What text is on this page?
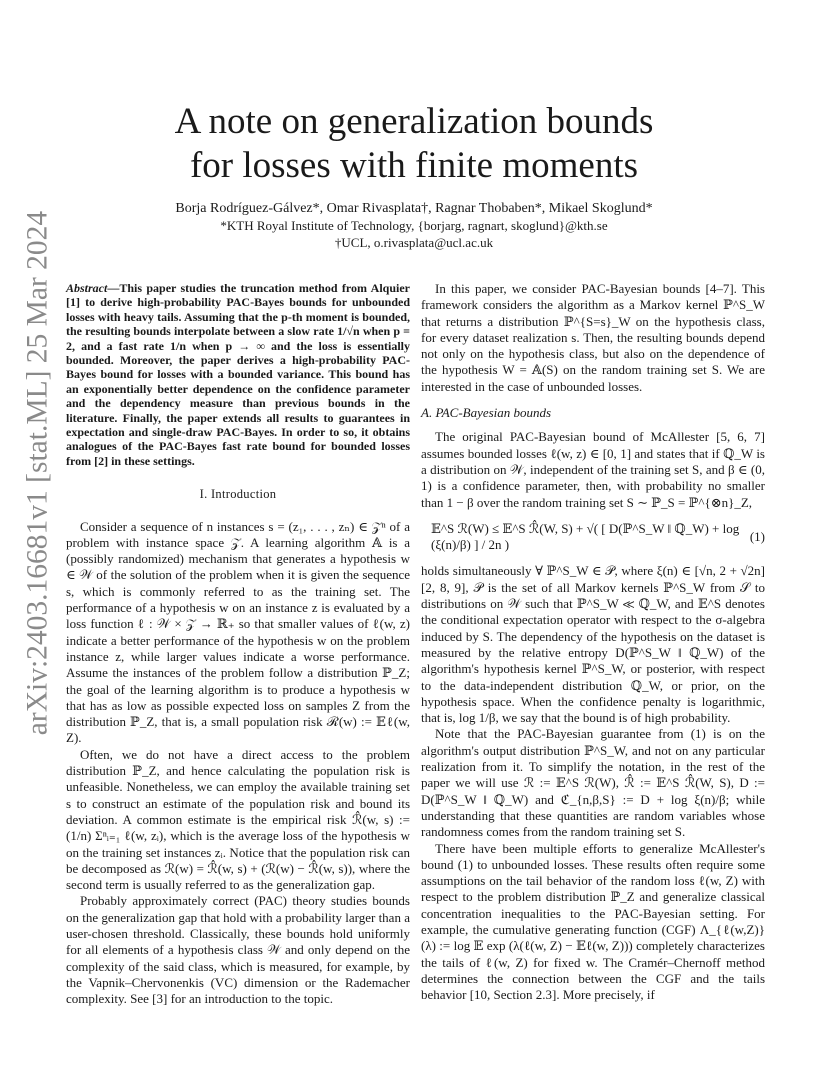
arXiv:2403.16681v1 [stat.ML] 25 Mar 2024
A note on generalization bounds
for losses with finite moments
Borja Rodríguez-Gálvez*, Omar Rivasplata†, Ragnar Thobaben*, Mikael Skoglund*
*KTH Royal Institute of Technology, {borjarg, ragnart, skoglund}@kth.se
†UCL, o.rivasplata@ucl.ac.uk

Abstract—This paper studies the truncation method from Alquier [1] to derive high-probability PAC-Bayes bounds for unbounded losses with heavy tails. Assuming that the p-th moment is bounded, the resulting bounds interpolate between a slow rate 1/√n when p = 2, and a fast rate 1/n when p → ∞ and the loss is essentially bounded. Moreover, the paper derives a high-probability PAC-Bayes bound for losses with a bounded variance. This bound has an exponentially better dependence on the confidence parameter and the dependency measure than previous bounds in the literature. Finally, the paper extends all results to guarantees in expectation and single-draw PAC-Bayes. In order to so, it obtains analogues of the PAC-Bayes fast rate bound for bounded losses from [2] in these settings.

I. Introduction

Consider a sequence of n instances s = (z₁, . . . , zₙ) ∈ 𝒵ⁿ of a problem with instance space 𝒵. A learning algorithm 𝔸 is a (possibly randomized) mechanism that generates a hypothesis w ∈ 𝒲 of the solution of the problem when it is given the sequence s, which is commonly referred to as the training set. The performance of a hypothesis w on an instance z is evaluated by a loss function ℓ : 𝒲 × 𝒵 → ℝ₊ so that smaller values of ℓ(w, z) indicate a better performance of the hypothesis w on the problem instance z, while larger values indicate a worse performance. Assume the instances of the problem follow a distribution ℙ_Z; the goal of the learning algorithm is to produce a hypothesis w that has as low as possible expected loss on samples Z from the distribution ℙ_Z, that is, a small population risk ℛ(w) := 𝔼ℓ(w, Z).

Often, we do not have a direct access to the problem distribution ℙ_Z, and hence calculating the population risk is unfeasible. Nonetheless, we can employ the available training set s to construct an estimate of the population risk and bound its deviation. A common estimate is the empirical risk ℛ̂(w, s) := (1/n) Σⁿᵢ₌₁ ℓ(w, zᵢ), which is the average loss of the hypothesis w on the training set instances zᵢ. Notice that the population risk can be decomposed as ℛ(w) = ℛ̂(w, s) + (ℛ(w) − ℛ̂(w, s)), where the second term is usually referred to as the generalization gap.

Probably approximately correct (PAC) theory studies bounds on the generalization gap that hold with a probability larger than a user-chosen threshold. Classically, these bounds hold uniformly for all elements of a hypothesis class 𝒲 and only depend on the complexity of the said class, which is measured, for example, by the Vapnik–Chervonenkis (VC) dimension or the Rademacher complexity. See [3] for an introduction to the topic.

In this paper, we consider PAC-Bayesian bounds [4–7]. This framework considers the algorithm as a Markov kernel ℙ^S_W that returns a distribution ℙ^{S=s}_W on the hypothesis class, for every dataset realization s. Then, the resulting bounds depend not only on the hypothesis class, but also on the dependence of the hypothesis W = 𝔸(S) on the random training set S. We are interested in the case of unbounded losses.

A. PAC-Bayesian bounds

The original PAC-Bayesian bound of McAllester [5, 6, 7] assumes bounded losses ℓ(w, z) ∈ [0, 1] and states that if ℚ_W is a distribution on 𝒲, independent of the training set S, and β ∈ (0, 1) is a confidence parameter, then, with probability no smaller than 1 − β over the random training set S ∼ ℙ_S = ℙ^{⊗n}_Z,

𝔼^S ℛ(W) ≤ 𝔼^S ℛ̂(W, S) + √( [ D(ℙ^S_W ‖ ℚ_W) + log (ξ(n)/β) ] / 2n )
(1)

holds simultaneously ∀ ℙ^S_W ∈ 𝒫, where ξ(n) ∈ [√n, 2 + √2n] [2, 8, 9], 𝒫 is the set of all Markov kernels ℙ^S_W from 𝒮 to distributions on 𝒲 such that ℙ^S_W ≪ ℚ_W, and 𝔼^S denotes the conditional expectation operator with respect to the σ-algebra induced by S. The dependency of the hypothesis on the dataset is measured by the relative entropy D(ℙ^S_W ‖ ℚ_W) of the algorithm's hypothesis kernel ℙ^S_W, or posterior, with respect to the data-independent distribution ℚ_W, or prior, on the hypothesis space. When the confidence penalty is logarithmic, that is, log 1/β, we say that the bound is of high probability.

Note that the PAC-Bayesian guarantee from (1) is on the algorithm's output distribution ℙ^S_W, and not on any particular realization from it. To simplify the notation, in the rest of the paper we will use ℛ := 𝔼^S ℛ(W), ℛ̂ := 𝔼^S ℛ̂(W, S), D := D(ℙ^S_W ‖ ℚ_W) and ℭ_{n,β,S} := D + log ξ(n)/β; while understanding that these quantities are random variables whose randomness comes from the random training set S.

There have been multiple efforts to generalize McAllester's bound (1) to unbounded losses. These results often require some assumptions on the tail behavior of the random loss ℓ(w, Z) with respect to the problem distribution ℙ_Z and generalize classical concentration inequalities to the PAC-Bayesian setting. For example, the cumulative generating function (CGF) Λ_{ℓ(w,Z)}(λ) := log 𝔼 exp (λ(ℓ(w, Z) − 𝔼ℓ(w, Z))) completely characterizes the tails of ℓ(w, Z) for fixed w. The Cramér–Chernoff method determines the connection between the CGF and the tails behavior [10, Section 2.3]. More precisely, if
